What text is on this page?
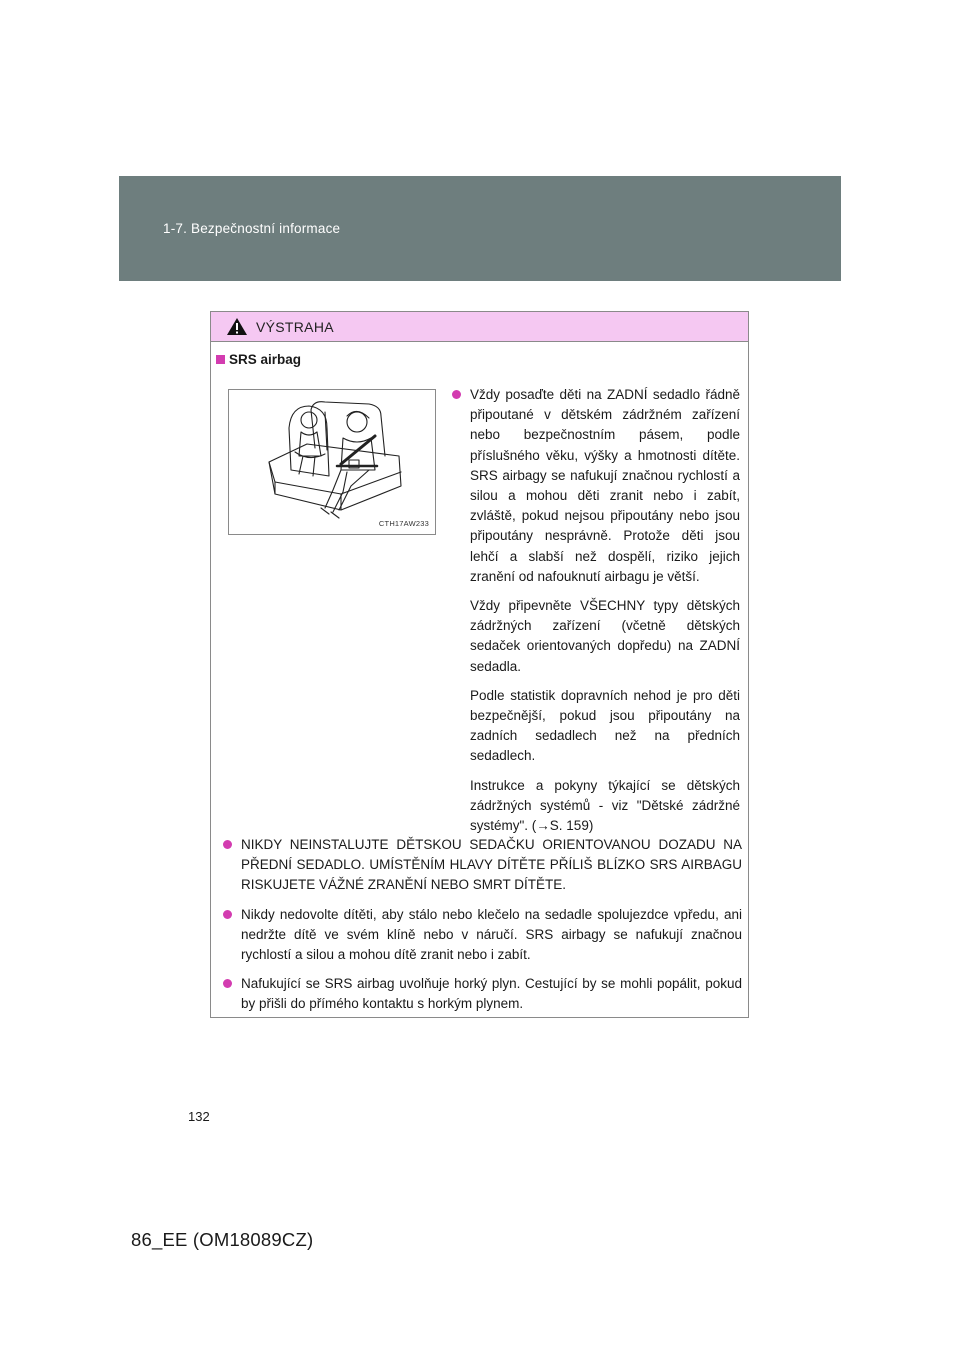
1-7. Bezpečnostní informace
VÝSTRAHA
SRS airbag
CTH17AW233

Vždy posaďte děti na ZADNÍ sedadlo řádně připoutané v dětském zádržném zařízení nebo bezpečnostním pásem, podle příslušného věku, výšky a hmotnosti dítěte. SRS airbagy se nafukují značnou rychlostí a silou a mohou děti zranit nebo i zabít, zvláště, pokud nejsou připoutány nebo jsou připoutány nesprávně. Protože děti jsou lehčí a slabší než dospělí, riziko jejich zranění od nafouknutí airbagu je větší.

Vždy připevněte VŠECHNY typy dětských zádržných zařízení (včetně dětských sedaček orientovaných dopředu) na ZADNÍ sedadla.

Podle statistik dopravních nehod je pro děti bezpečnější, pokud jsou připoutány na zadních sedadlech než na předních sedadlech.

Instrukce a pokyny týkající se dětských zádržných systémů - viz "Dětské zádržné systémy". (→S. 159)

NIKDY NEINSTALUJTE DĚTSKOU SEDAČKU ORIENTOVANOU DOZADU NA PŘEDNÍ SEDADLO. UMÍSTĚNÍM HLAVY DÍTĚTE PŘÍLIŠ BLÍZKO SRS AIRBAGU RISKUJETE VÁŽNÉ ZRANĚNÍ NEBO SMRT DÍTĚTE.

Nikdy nedovolte dítěti, aby stálo nebo klečelo na sedadle spolujezdce vpředu, ani nedržte dítě ve svém klíně nebo v náručí. SRS airbagy se nafukují značnou rychlostí a silou a mohou dítě zranit nebo i zabít.

Nafukující se SRS airbag uvolňuje horký plyn. Cestující by se mohli popálit, pokud by přišli do přímého kontaktu s horkým plynem.

132
86_EE (OM18089CZ)
